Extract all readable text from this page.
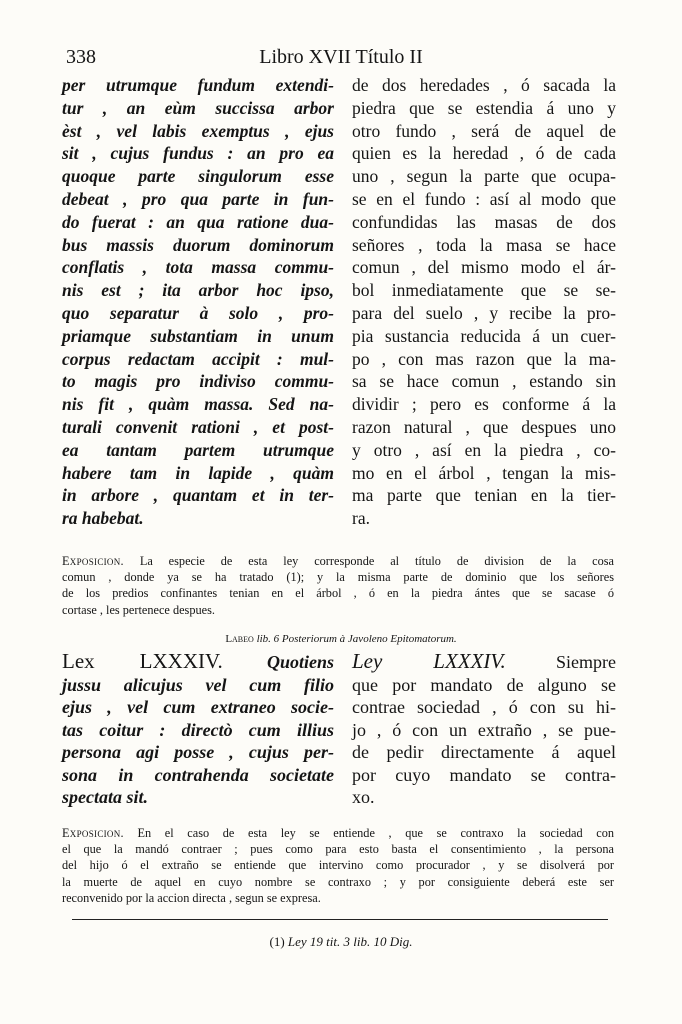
338	Libro XVII Título II
per utrumque fundum extendi-
tur , an eùm succissa arbor
ѐst , vel labis exemptus , ejus
sit , cujus fundus : an pro ea
quoque parte singulorum esse
debeat , pro qua parte in fun-
do fuerat : an qua ratione dua-
bus massis duorum dominorum
conflatis , tota massa commu-
nis est ; ita arbor hoc ipso,
quo separatur à solo , pro-
priamque substantiam in unum
corpus redactam accipit : mul-
to magis pro indiviso commu-
nis fit , quàm massa. Sed na-
turali convenit rationi , et post-
ea tantam partem utrumque
habere tam in lapide , quàm
in arbore , quantam et in ter-
ra habebat.
de dos heredades , ó sacada la
piedra que se estendia á uno y
otro fundo , será de aquel de
quien es la heredad , ó de cada
uno , segun la parte que ocupa-
se en el fundo : así al modo que
confundidas las masas de dos
señores , toda la masa se hace
comun , del mismo modo el ár-
bol inmediatamente que se se-
para del suelo , y recibe la pro-
pia sustancia reducida á un cuer-
po , con mas razon que la ma-
sa se hace comun , estando sin
dividir ; pero es conforme á la
razon natural , que despues uno
y otro , así en la piedra , co-
mo en el árbol , tengan la mis-
ma parte que tenian en la tier-
ra.
Exposicion. La especie de esta ley corresponde al título de division de la cosa
comun , donde ya se ha tratado (1); y la misma parte de dominio que los señores
de los predios confinantes tenian en el árbol , ó en la piedra ántes que se sacase ó
cortase , les pertenece despues.
Labeo lib. 6 Posteriorum à Javoleno Epitomatorum.
Lex LXXXIV. Quotiens
jussu alicujus vel cum filio
ejus , vel cum extraneo socie-
tas coitur : directò cum illius
persona agi posse , cujus per-
sona in contrahenda societate
spectata sit.
Ley LXXXIV.	Siempre
que por mandato de alguno se
contrae sociedad , ó con su hi-
jo , ó con un extraño , se pue-
de pedir directamente á aquel
por cuyo mandato se contra-
xo.
Exposicion. En el caso de esta ley se entiende , que se contraxo la sociedad con
el que la mandó contraer ; pues como para esto basta el consentimiento , la persona
del hijo ó el extraño se entiende que intervino como procurador , y se disolverá por
la muerte de aquel en cuyo nombre se contraxo ; y por consiguiente deberá este ser
reconvenido por la accion directa , segun se expresa.
(1) Ley 19 tit. 3 lib. 10 Dig.
